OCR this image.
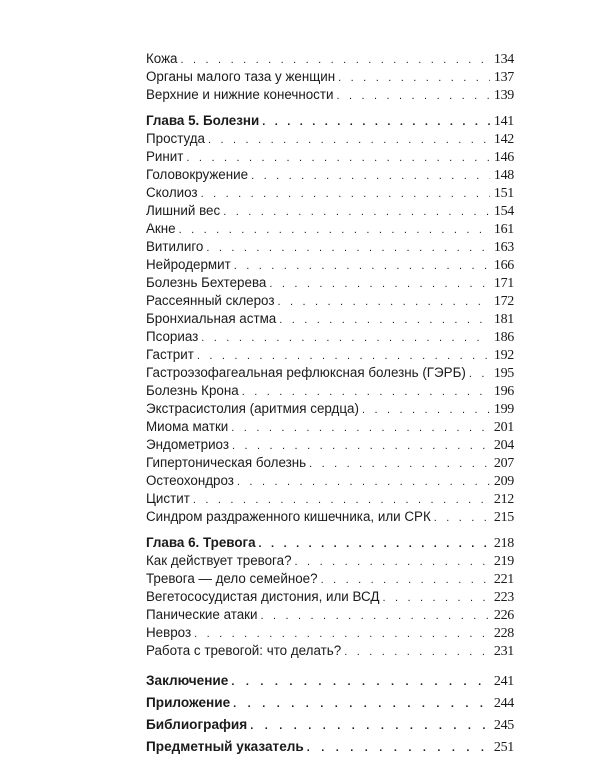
Кожа . . .	134
Органы малого таза у женщин . . .	137
Верхние и нижние конечности . . .	139
Глава 5. Болезни . . .	141
Простуда . . .	142
Ринит . . .	146
Головокружение . . .	148
Сколиоз . . .	151
Лишний вес . . .	154
Акне . . .	161
Витилиго . . .	163
Нейродермит . . .	166
Болезнь Бехтерева . . .	171
Рассеянный склероз . . .	172
Бронхиальная астма . . .	181
Псориаз . . .	186
Гастрит . . .	192
Гастроэзофагеальная рефлюксная болезнь (ГЭРБ) . . . 195
Болезнь Крона . . .	196
Экстрасистолия (аритмия сердца) . . .	199
Миома матки . . .	201
Эндометриоз . . .	204
Гипертоническая болезнь . . .	207
Остеохондроз . . .	209
Цистит . . .	212
Синдром раздраженного кишечника, или СРК . . .	215
Глава 6. Тревога . . .	218
Как действует тревога? . . .	219
Тревога — дело семейное? . . .	221
Вегетососудистая дистония, или ВСД . . .	223
Панические атаки . . .	226
Невроз . . .	228
Работа с тревогой: что делать? . . .	231
Заключение . . .	241
Приложение . . .	244
Библиография . . .	245
Предметный указатель . . .	251
